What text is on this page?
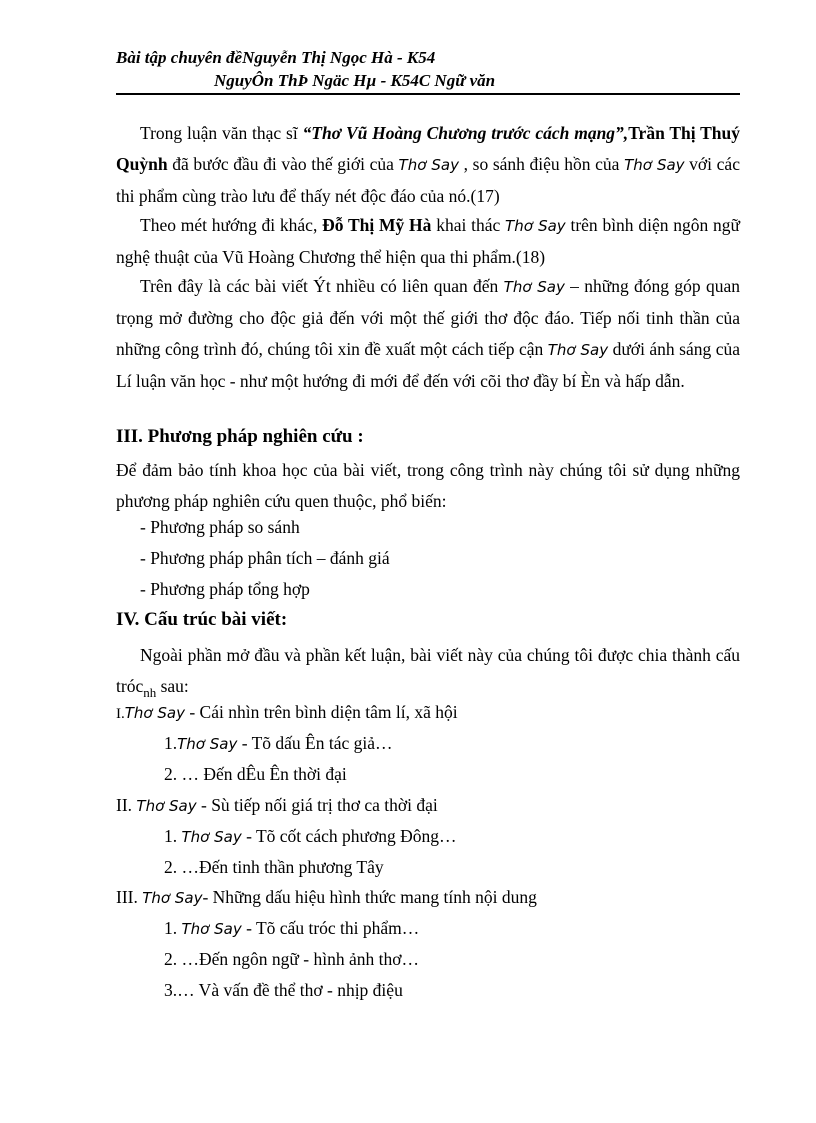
Bài tập chuyên đềNguyễn Thị Ngọc Hà - K54
NguyÔn ThÞ Ngäc Hµ - K54C Ngữ văn

Trong luận văn thạc sĩ “Thơ Vũ Hoàng Chương trước cách mạng”,Trần Thị Thuý Quỳnh đã bước đầu đi vào thế giới của Thơ Say , so sánh điệu hồn của Thơ Say với các thi phẩm cùng trào lưu để thấy nét độc đáo của nó.(17)

Theo mét hướng đi khác, Đỗ Thị Mỹ Hà khai thác Thơ Say trên bình diện ngôn ngữ nghệ thuật của Vũ Hoàng Chương thể hiện qua thi phẩm.(18)

Trên đây là các bài viết Ýt nhiều có liên quan đến Thơ Say – những đóng góp quan trọng mở đường cho độc giả đến với một thế giới thơ độc đáo. Tiếp nối tinh thần của những công trình đó, chúng tôi xin đề xuất một cách tiếp cận Thơ Say dưới ánh sáng của Lí luận văn học - như một hướng đi mới để đến với cõi thơ đầy bí Èn và hấp dẫn.

III. Phương pháp nghiên cứu :

Để đảm bảo tính khoa học của bài viết, trong công trình này chúng tôi sử dụng những phương pháp nghiên cứu quen thuộc, phổ biến:

- Phương pháp so sánh
- Phương pháp phân tích – đánh giá
- Phương pháp tổng hợp
IV. Cấu trúc bài viết:

Ngoài phần mở đầu và phần kết luận, bài viết này của chúng tôi được chia thành cấu tróc$_{nh}$ sau:

I.Thơ Say - Cái nhìn trên bình diện tâm lí, xã hội
1.Thơ Say - Tõ dấu Ên tác giả…
2. … Đến dÊu Ên thời đại
II. Thơ Say - Sù tiếp nối giá trị thơ ca thời đại
1. Thơ Say - Tõ cốt cách phương Đông…
2. …Đến tinh thần phương Tây
III. Thơ Say- Những dấu hiệu hình thức mang tính nội dung
1. Thơ Say - Tõ cấu tróc thi phẩm…
2. …Đến ngôn ngữ - hình ảnh thơ…
3.… Và vấn đề thể thơ - nhịp điệu
